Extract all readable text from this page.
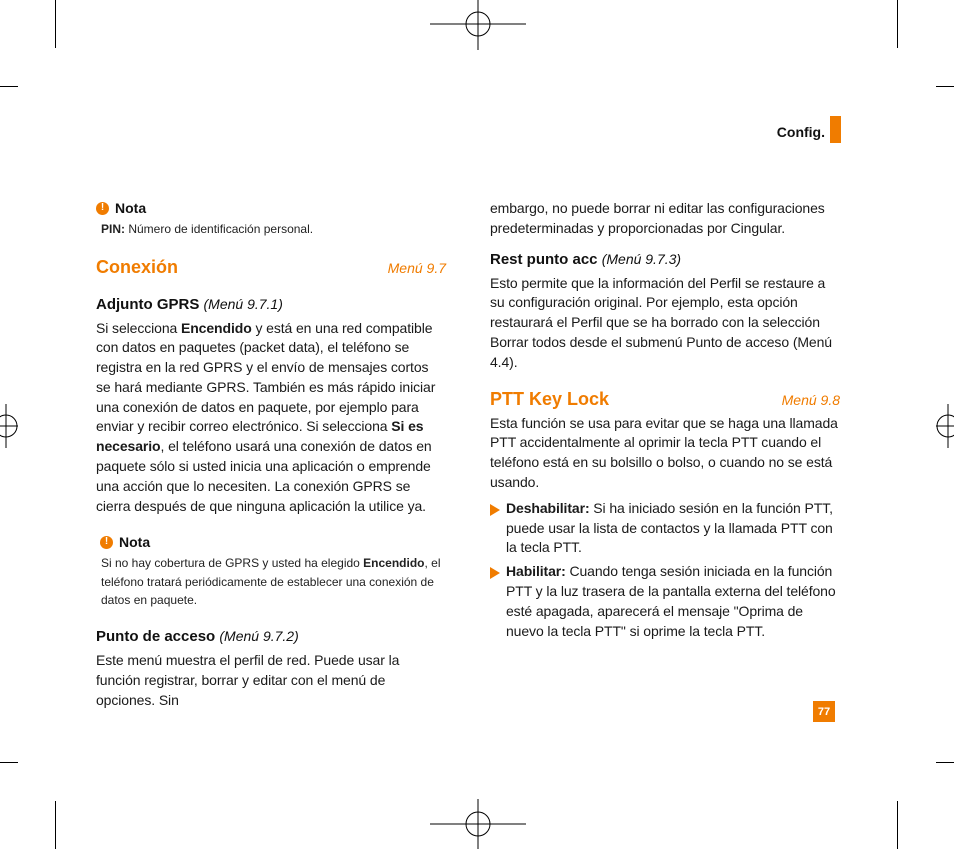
Config.
! Nota

PIN: Número de identificación personal.

Conexión	Menú 9.7

Adjunto GPRS (Menú 9.7.1)

Si selecciona Encendido y está en una red compatible con datos en paquetes (packet data), el teléfono se registra en la red GPRS y el envío de mensajes cortos se hará mediante GPRS. También es más rápido iniciar una conexión de datos en paquete, por ejemplo para enviar y recibir correo electrónico. Si selecciona Si es necesario, el teléfono usará una conexión de datos en paquete sólo si usted inicia una aplicación o emprende una acción que lo necesiten. La conexión GPRS se cierra después de que ninguna aplicación la utilice ya.

! Nota

Si no hay cobertura de GPRS y usted ha elegido Encendido, el teléfono tratará periódicamente de establecer una conexión de datos en paquete.

Punto de acceso (Menú 9.7.2)

Este menú muestra el perfil de red. Puede usar la función registrar, borrar y editar con el menú de opciones. Sin

embargo, no puede borrar ni editar las configuraciones predeterminadas y proporcionadas por Cingular.

Rest punto acc (Menú 9.7.3)

Esto permite que la información del Perfil se restaure a su configuración original. Por ejemplo, esta opción restaurará el Perfil que se ha borrado con la selección Borrar todos desde el submenú Punto de acceso (Menú 4.4).

PTT Key Lock	Menú 9.8

Esta función se usa para evitar que se haga una llamada PTT accidentalmente al oprimir la tecla PTT cuando el teléfono está en su bolsillo o bolso, o cuando no se está usando.

Deshabilitar: Si ha iniciado sesión en la función PTT, puede usar la lista de contactos y la llamada PTT con la tecla PTT.

Habilitar: Cuando tenga sesión iniciada en la función PTT y la luz trasera de la pantalla externa del teléfono esté apagada, aparecerá el mensaje "Oprima de nuevo la tecla PTT" si oprime la tecla PTT.

77
